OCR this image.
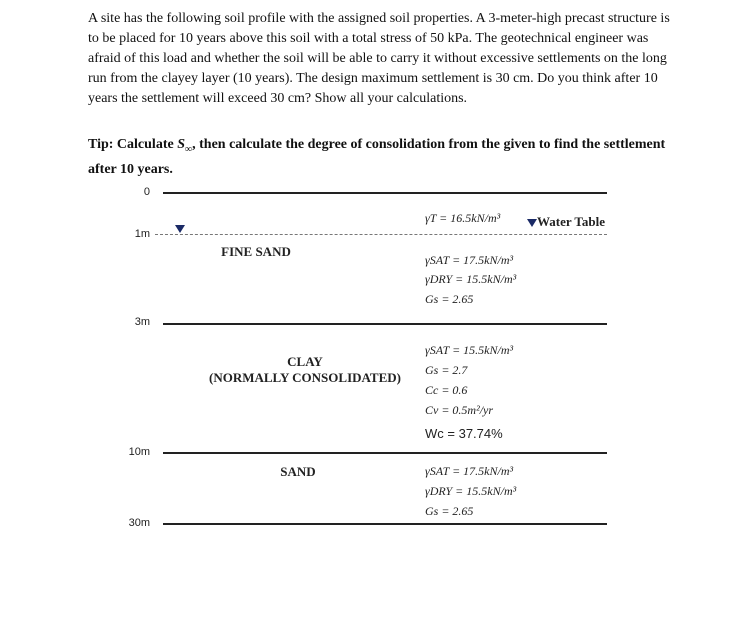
A site has the following soil profile with the assigned soil properties. A 3-meter-high precast structure is to be placed for 10 years above this soil with a total stress of 50 kPa. The geotechnical engineer was afraid of this load and whether the soil will be able to carry it without excessive settlements on the long run from the clayey layer (10 years). The design maximum settlement is 30 cm. Do you think after 10 years the settlement will exceed 30 cm? Show all your calculations.
Tip: Calculate $S_\infty$, then calculate the degree of consolidation from the given to find the settlement after 10 years.
0
1m
3m
10m
30m
Water Table
γT = 16.5kN/m³
FINE SAND
γSAT = 17.5kN/m³
γDRY = 15.5kN/m³
Gs = 2.65
CLAY
(NORMALLY CONSOLIDATED)
γSAT = 15.5kN/m³
Gs = 2.7
Cc = 0.6
Cv = 0.5m²/yr
Wc = 37.74%
SAND	γSAT = 17.5kN/m³
γDRY = 15.5kN/m³
Gs = 2.65
